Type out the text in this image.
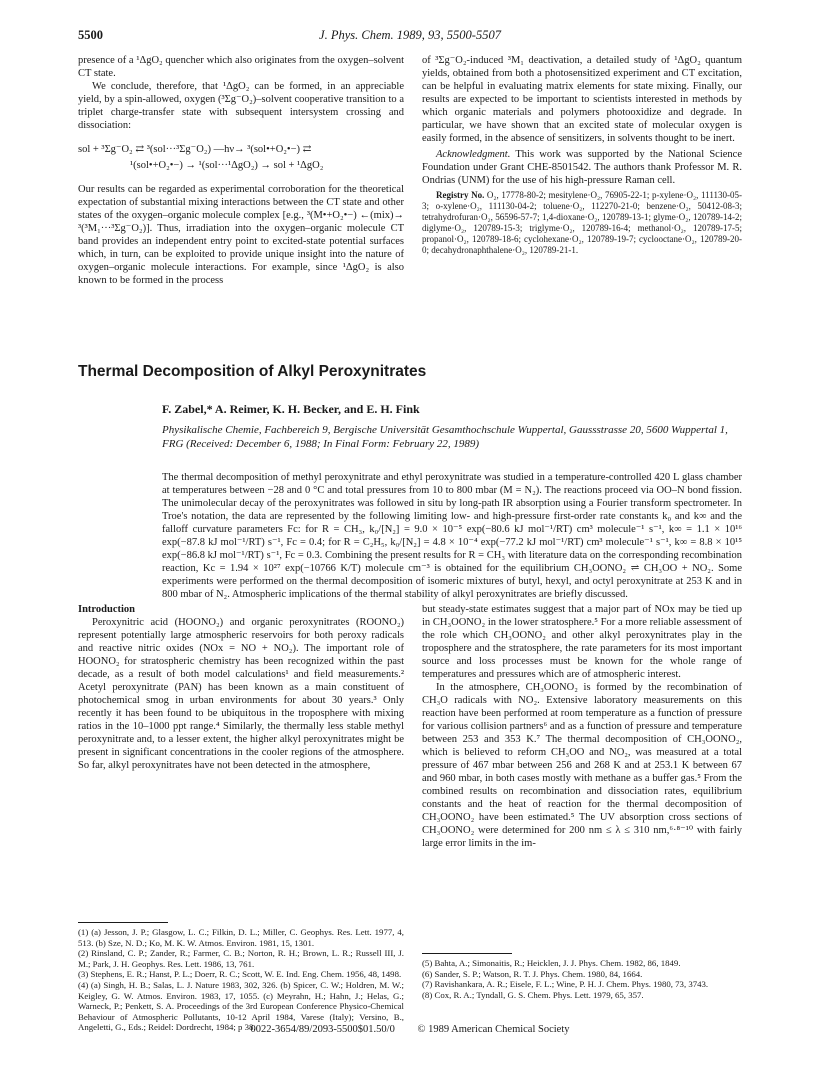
5500	J. Phys. Chem. 1989, 93, 5500-5507

presence of a ¹ΔgO₂ quencher which also originates from the oxygen–solvent CT state.

We conclude, therefore, that ¹ΔgO₂ can be formed, in an appreciable yield, by a spin-allowed, oxygen (³Σg⁻O₂)–solvent cooperative transition to a triplet charge-transfer state with subsequent intersystem crossing and dissociation:

sol + ³Σg⁻O₂ ⇄ ³(sol···³Σg⁻O₂) —hν→ ³(sol•+O₂•−) ⇄
¹(sol•+O₂•−) → ¹(sol···¹ΔgO₂) → sol + ¹ΔgO₂

Our results can be regarded as experimental corroboration for the theoretical expectation of substantial mixing interactions between the CT state and other states of the oxygen–organic molecule complex [e.g., ³(M•+O₂•−) ←(mix)→ ³(³M₁···³Σg⁻O₂)]. Thus, irradiation into the oxygen–organic molecule CT band provides an independent entry point to excited-state potential surfaces which, in turn, can be exploited to provide unique insight into the nature of oxygen–organic molecule interactions. For example, since ¹ΔgO₂ is also known to be formed in the process

of ³Σg⁻O₂-induced ³M₁ deactivation, a detailed study of ¹ΔgO₂ quantum yields, obtained from both a photosensitized experiment and CT excitation, can be helpful in evaluating matrix elements for state mixing. Finally, our results are expected to be important to scientists interested in methods by which organic materials and polymers photooxidize and degrade. In particular, we have shown that an excited state of molecular oxygen is easily formed, in the absence of sensitizers, in solvents thought to be inert.

Acknowledgment. This work was supported by the National Science Foundation under Grant CHE-8501542. The authors thank Professor M. R. Ondrias (UNM) for the use of his high-pressure Raman cell.

Registry No. O₂, 17778-80-2; mesitylene·O₂, 76905-22-1; p-xylene·O₂, 111130-05-3; o-xylene·O₂, 111130-04-2; toluene·O₂, 112270-21-0; benzene·O₂, 50412-08-3; tetrahydrofuran·O₂, 56596-57-7; 1,4-dioxane·O₂, 120789-13-1; glyme·O₂, 120789-14-2; diglyme·O₂, 120789-15-3; triglyme·O₂, 120789-16-4; methanol·O₂, 120789-17-5; propanol·O₂, 120789-18-6; cyclohexane·O₂, 120789-19-7; cyclooctane·O₂, 120789-20-0; decahydronaphthalene·O₂, 120789-21-1.

Thermal Decomposition of Alkyl Peroxynitrates
F. Zabel,* A. Reimer, K. H. Becker, and E. H. Fink
Physikalische Chemie, Fachbereich 9, Bergische Universität Gesamthochschule Wuppertal, Gaussstrasse 20, 5600 Wuppertal 1, FRG (Received: December 6, 1988; In Final Form: February 22, 1989)
The thermal decomposition of methyl peroxynitrate and ethyl peroxynitrate was studied in a temperature-controlled 420 L glass chamber at temperatures between −28 and 0 °C and total pressures from 10 to 800 mbar (M = N₂). The reactions proceed via OO–N bond fission. The unimolecular decay of the peroxynitrates was followed in situ by long-path IR absorption using a Fourier transform spectrometer. In Troe's notation, the data are represented by the following limiting low- and high-pressure first-order rate constants k₀ and k∞ and the falloff curvature parameters Fc: for R = CH₃, k₀/[N₂] = 9.0 × 10⁻⁵ exp(−80.6 kJ mol⁻¹/RT) cm³ molecule⁻¹ s⁻¹, k∞ = 1.1 × 10¹⁶ exp(−87.8 kJ mol⁻¹/RT) s⁻¹, Fc = 0.4; for R = C₂H₅, k₀/[N₂] = 4.8 × 10⁻⁴ exp(−77.2 kJ mol⁻¹/RT) cm³ molecule⁻¹ s⁻¹, k∞ = 8.8 × 10¹⁵ exp(−86.8 kJ mol⁻¹/RT) s⁻¹, Fc = 0.3. Combining the present results for R = CH₃ with literature data on the corresponding recombination reaction, Kc = 1.94 × 10²⁷ exp(−10766 K/T) molecule cm⁻³ is obtained for the equilibrium CH₃OONO₂ ⇌ CH₃OO + NO₂. Some experiments were performed on the thermal decomposition of isomeric mixtures of butyl, hexyl, and octyl peroxynitrate at 253 K and in 800 mbar of N₂. Atmospheric implications of the thermal stability of alkyl peroxynitrates are briefly discussed.

Introduction

Peroxynitric acid (HOONO₂) and organic peroxynitrates (ROONO₂) represent potentially large atmospheric reservoirs for both peroxy radicals and reactive nitric oxides (NOx = NO + NO₂). The important role of HOONO₂ for stratospheric chemistry has been recognized within the past decade, as a result of both model calculations¹ and field measurements.² Acetyl peroxynitrate (PAN) has been known as a main constituent of photochemical smog in urban environments for about 30 years.³ Only recently it has been found to be ubiquitous in the troposphere with mixing ratios in the 10–1000 ppt range.⁴ Similarly, the thermally less stable methyl peroxynitrate and, to a lesser extent, the higher alkyl peroxynitrates might be present in significant concentrations in the cooler regions of the atmosphere. So far, alkyl peroxynitrates have not been detected in the atmosphere,

but steady-state estimates suggest that a major part of NOx may be tied up in CH₃OONO₂ in the lower stratosphere.⁵ For a more reliable assessment of the role which CH₃OONO₂ and other alkyl peroxynitrates play in the troposphere and the stratosphere, the rate parameters for its most important source and loss processes must be known for the whole range of temperatures and pressures which are of atmospheric interest.

In the atmosphere, CH₃OONO₂ is formed by the recombination of CH₃O radicals with NO₂. Extensive laboratory measurements on this reaction have been performed at room temperature as a function of pressure for various collision partners⁶ and as a function of pressure and temperature between 253 and 353 K.⁷ The thermal decomposition of CH₃OONO₂, which is believed to reform CH₃OO and NO₂, was measured at a total pressure of 467 mbar between 256 and 268 K and at 253.1 K between 67 and 960 mbar, in both cases mostly with methane as a buffer gas.⁵ From the combined results on recombination and dissociation rates, equilibrium constants and the heat of reaction for the thermal decomposition of CH₃OONO₂ have been estimated.⁵ The UV absorption cross sections of CH₃OONO₂ were determined for 200 nm ≤ λ ≤ 310 nm,⁶·⁸⁻¹⁰ with fairly large error limits in the im-

(1) (a) Jesson, J. P.; Glasgow, L. C.; Filkin, D. L.; Miller, C. Geophys. Res. Lett. 1977, 4, 513. (b) Sze, N. D.; Ko, M. K. W. Atmos. Environ. 1981, 15, 1301.

(2) Rinsland, C. P.; Zander, R.; Farmer, C. B.; Norton, R. H.; Brown, L. R.; Russell III, J. M.; Park, J. H. Geophys. Res. Lett. 1986, 13, 761.

(3) Stephens, E. R.; Hanst, P. L.; Doerr, R. C.; Scott, W. E. Ind. Eng. Chem. 1956, 48, 1498.

(4) (a) Singh, H. B.; Salas, L. J. Nature 1983, 302, 326. (b) Spicer, C. W.; Holdren, M. W.; Keigley, G. W. Atmos. Environ. 1983, 17, 1055. (c) Meyrahn, H.; Hahn, J.; Helas, G.; Warneck, P.; Penkett, S. A. Proceedings of the 3rd European Conference Physico-Chemical Behaviour of Atmospheric Pollutants, 10-12 April 1984, Varese (Italy); Versino, B., Angeletti, G., Eds.; Reidel: Dordrecht, 1984; p 38.

(5) Bahta, A.; Simonaitis, R.; Heicklen, J. J. Phys. Chem. 1982, 86, 1849.

(6) Sander, S. P.; Watson, R. T. J. Phys. Chem. 1980, 84, 1664.

(7) Ravishankara, A. R.; Eisele, F. L.; Wine, P. H. J. Chem. Phys. 1980, 73, 3743.

(8) Cox, R. A.; Tyndall, G. S. Chem. Phys. Lett. 1979, 65, 357.

0022-3654/89/2093-5500$01.50/0 © 1989 American Chemical Society
